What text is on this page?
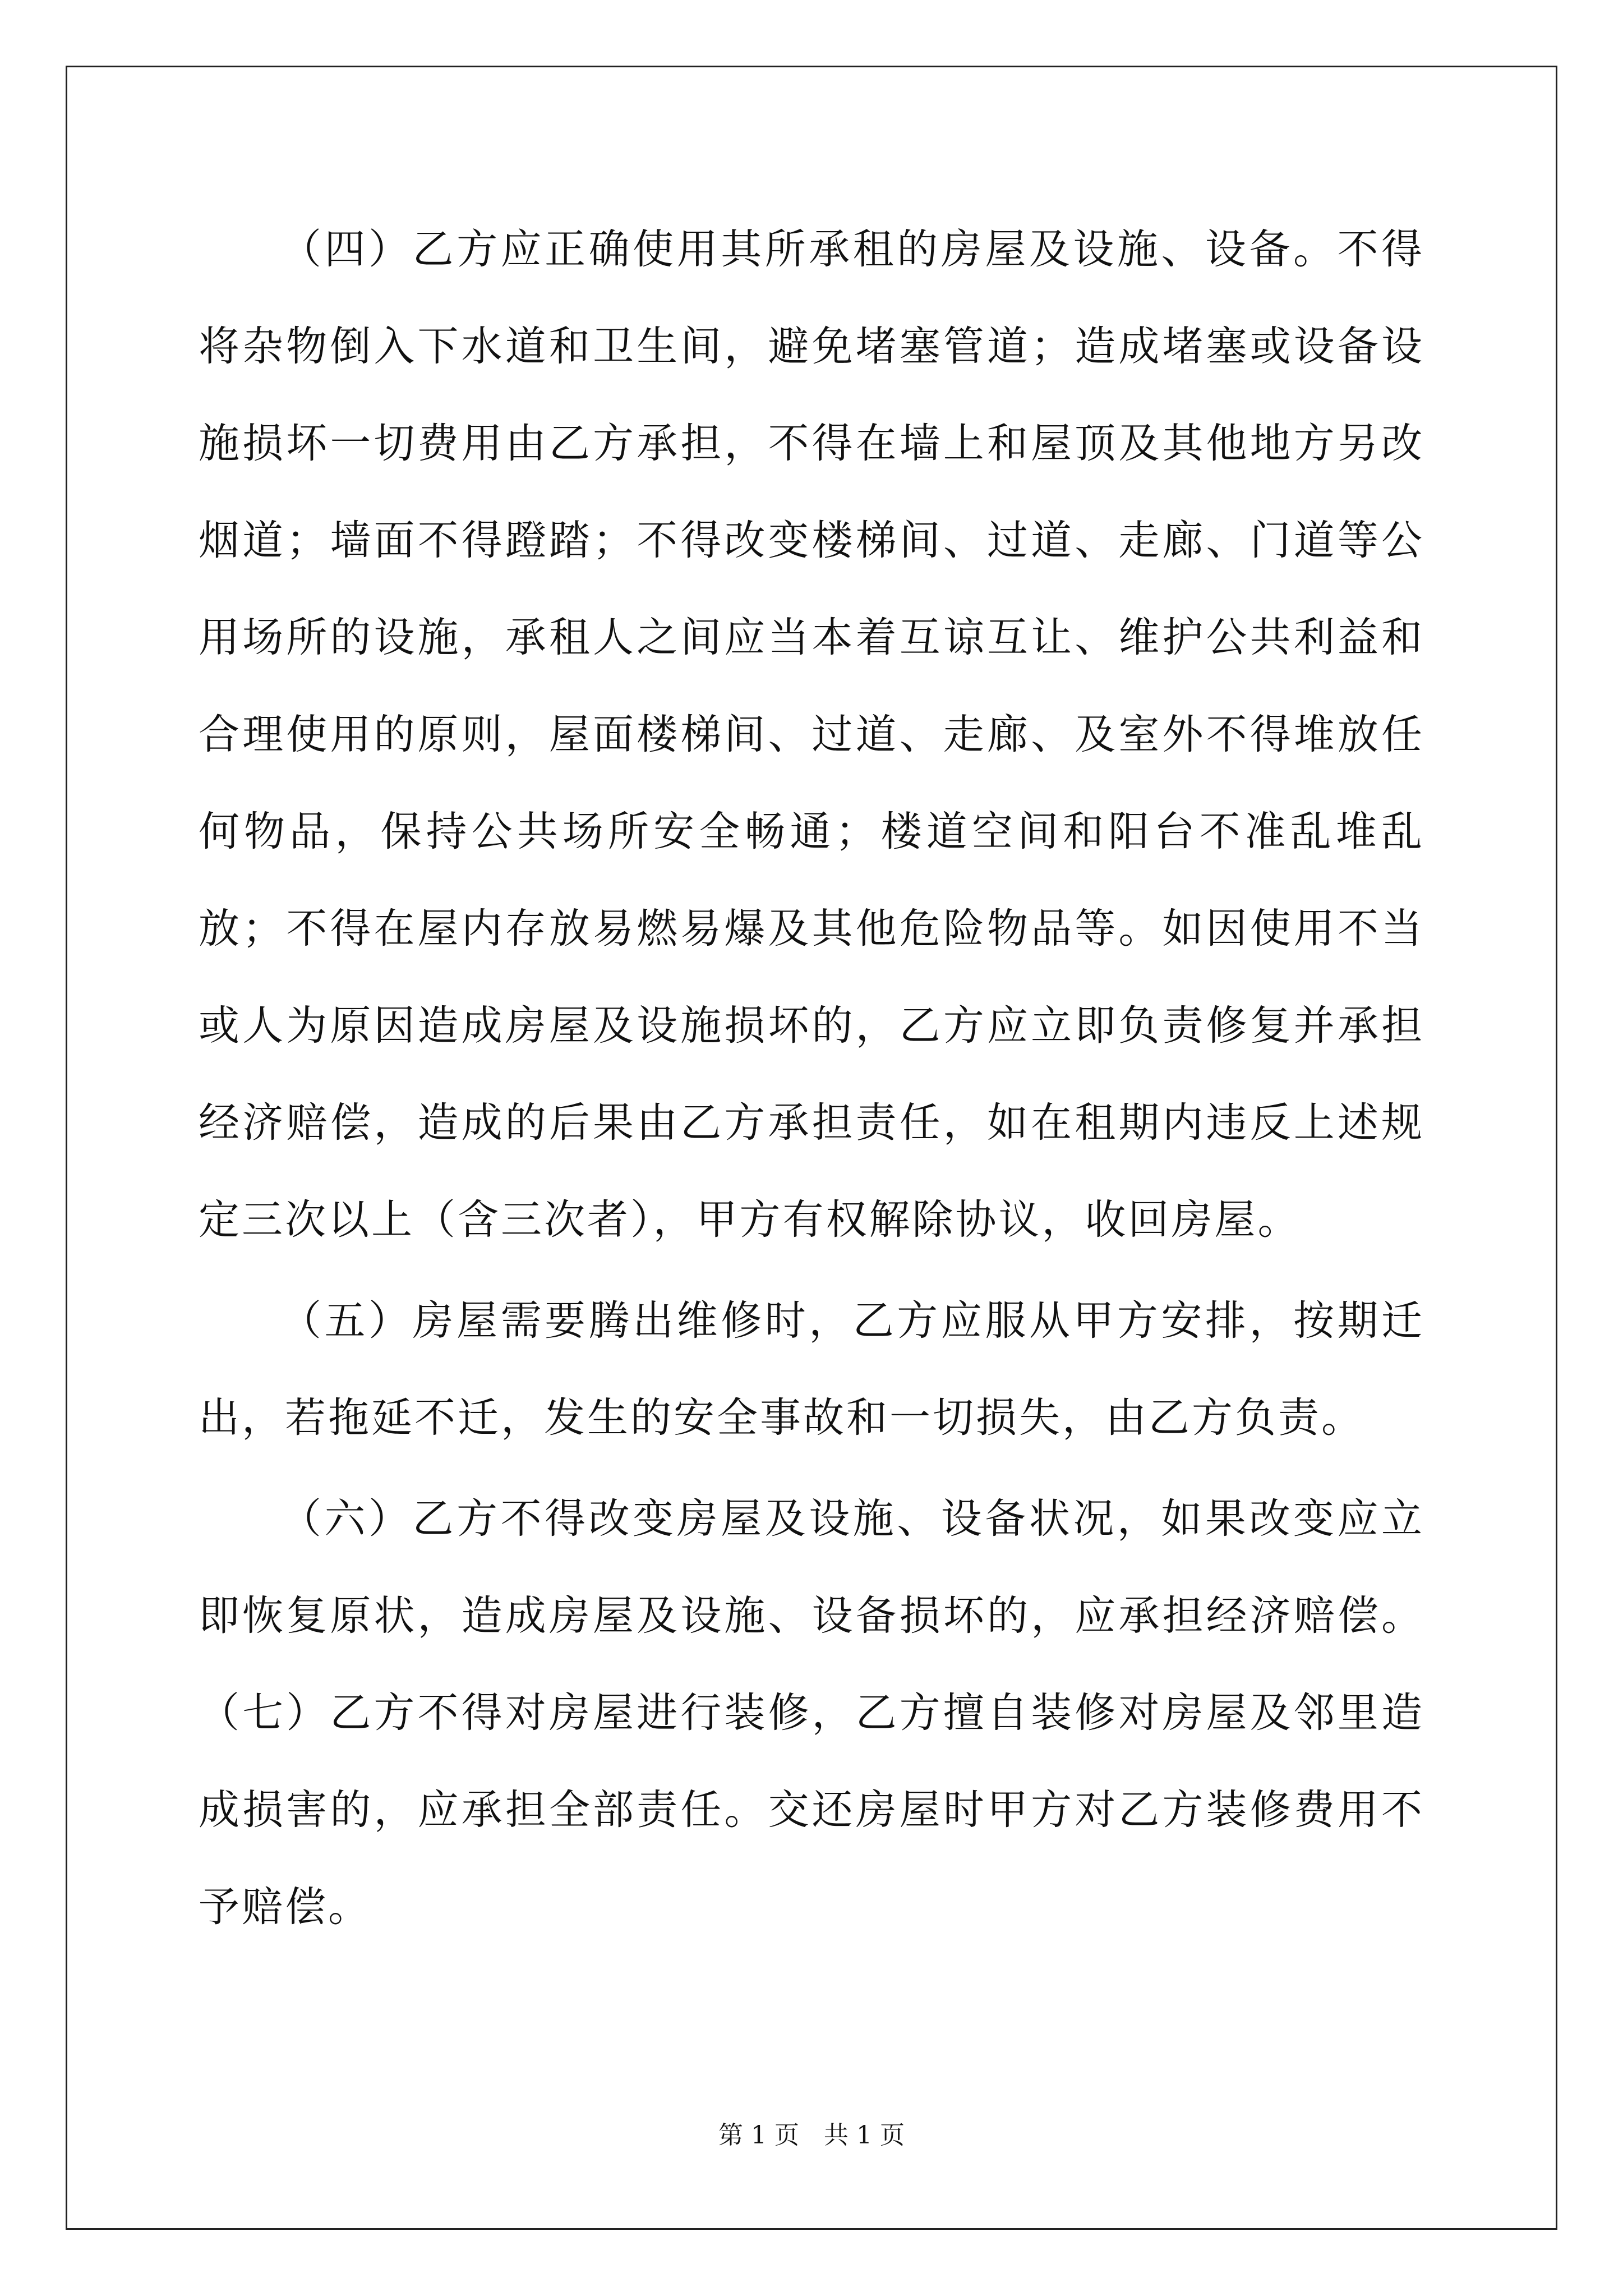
（四）乙方应正确使用其所承租的房屋及设施、设备。不得将杂物倒入下水道和卫生间，避免堵塞管道；造成堵塞或设备设施损坏一切费用由乙方承担，不得在墙上和屋顶及其他地方另改烟道；墙面不得蹬踏；不得改变楼梯间、过道、走廊、门道等公用场所的设施，承租人之间应当本着互谅互让、维护公共利益和合理使用的原则，屋面楼梯间、过道、走廊、及室外不得堆放任何物品，保持公共场所安全畅通；楼道空间和阳台不准乱堆乱放；不得在屋内存放易燃易爆及其他危险物品等。如因使用不当或人为原因造成房屋及设施损坏的，乙方应立即负责修复并承担经济赔偿，造成的后果由乙方承担责任，如在租期内违反上述规定三次以上（含三次者），甲方有权解除协议，收回房屋。

（五）房屋需要腾出维修时，乙方应服从甲方安排，按期迁出，若拖延不迁，发生的安全事故和一切损失，由乙方负责。

（六）乙方不得改变房屋及设施、设备状况，如果改变应立即恢复原状，造成房屋及设施、设备损坏的，应承担经济赔偿。（七）乙方不得对房屋进行装修，乙方擅自装修对房屋及邻里造成损害的，应承担全部责任。交还房屋时甲方对乙方装修费用不予赔偿。

第 1 页　共 1 页
